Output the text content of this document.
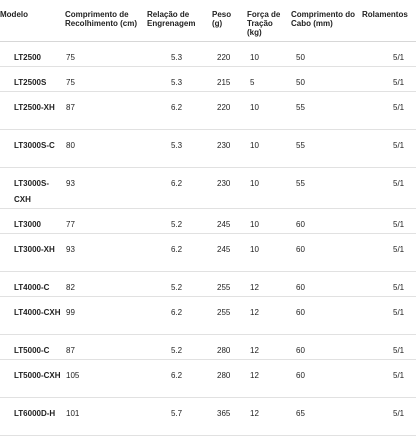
Modelo	Comprimento de Recolhimento (cm)	Relação de Engrenagem	Peso (g)	Força de Tração (kg)	Comprimento do Cabo (mm)	Rolamentos
LT2500	75	5.3	220	10	50	5/1
LT2500S	75	5.3	215	5	50	5/1
LT2500-XH	87	6.2	220	10	55	5/1
LT3000S-C	80	5.3	230	10	55	5/1
LT3000S-CXH	93	6.2	230	10	55	5/1
LT3000	77	5.2	245	10	60	5/1
LT3000-XH	93	6.2	245	10	60	5/1
LT4000-C	82	5.2	255	12	60	5/1
LT4000-CXH	99	6.2	255	12	60	5/1
LT5000-C	87	5.2	280	12	60	5/1
LT5000-CXH	105	6.2	280	12	60	5/1
LT6000D-H	101	5.7	365	12	65	5/1
